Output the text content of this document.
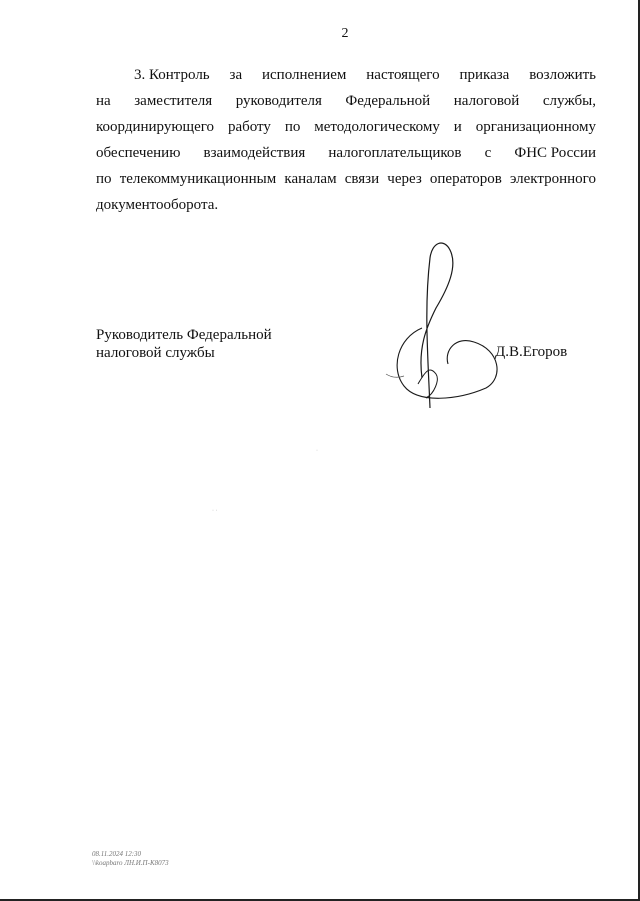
2
3. Контроль за исполнением настоящего приказа возложить
на заместителя руководителя Федеральной налоговой службы,
координирующего работу по методологическому и организационному
обеспечению взаимодействия налогоплательщиков с ФНС России
по телекоммуникационным каналам связи через операторов электронного
документооборота.
Руководитель Федеральной
налоговой службы	Д.В.Егоров
· ·
·
08.11.2024 12:30
\\koapbaro ЛН.И.П-К8073
